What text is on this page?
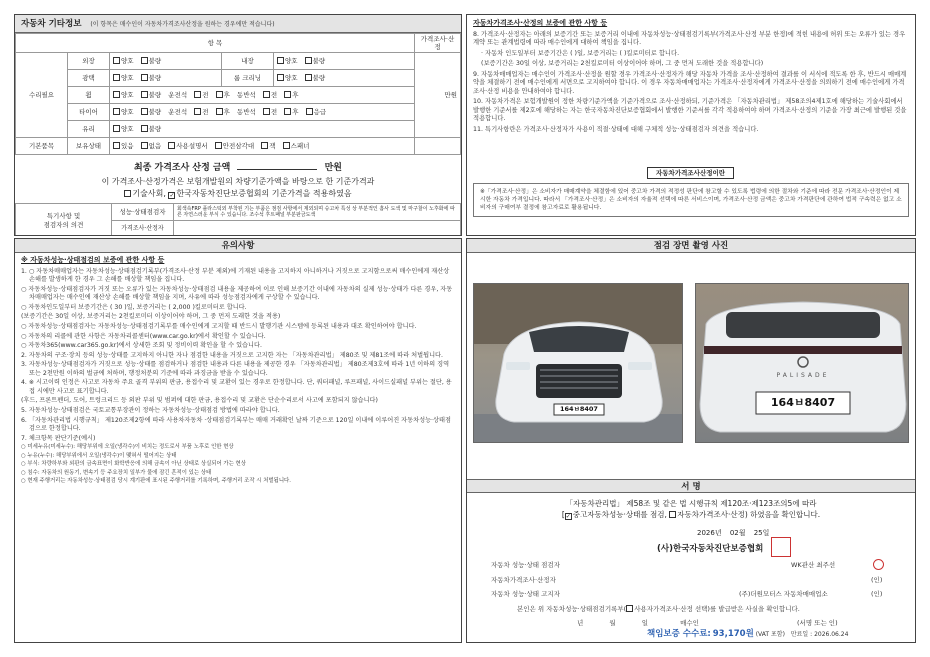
자동차 기타정보 (이 항목은 매수인이 자동차가격조사산정을 원하는 경우에만 적습니다)
항 목					가격조사·산정
수리필요	외장	양호 불량	내장	양호 불량	만원
	광택	양호 불량	룸 크리닝	양호 불량	
	휠	양호 불량 운전석 전 후 동반석 전 후			
	타이어	양호 불량 운전석 전 후 동반석 전 후 응급			
	유리	양호 불량			
기본품목	보유상태	있음 없음 사용설명서 안전삼각대 잭 스패너			
최종 가격조사 산정 금액	만원
이 가격조사·산정가격은 보험개발원의 차량기준가액을 바탕으로 한 기준가격과
기술사회, ✓ 한국자동차진단보증협회의 기준가격을 적용하였음
특기사항 및
점검자의 의견	성능·상태점검자	회색속FRP 플라스틱외 부착된 기는 부품은 점검 사항에서 제외되며 승고차 특성 상 부분적인 흠사 도색 및 마구찰이 노후화에 따른 자연스러운 부식 수 있습니다. 조수석 후트패널 부분판금도색
	가격조사·산정자	
자동차가격조사·산정의 보증에 관한 사항 등
8. 가격조사·산정자는 아래의 보증기간 또는 보증거리 이내에 자동차성능·상태점검기록부(가격조사·산정 부분 한정)에 적힌 내용에 허위 또는 오류가 있는 경우 계약 또는 관계법령에 따라 매수인에게 대하여 책임을 집니다.
· 자동차 인도일부터 보증기간은 ( )일, 보증거리는 ( )킬로미터로 합니다.
(보증기간은 30일 이상, 보증거리는 2천킬로미터 이상이어야 하며, 그 중 먼저 도래한 것을 적용합니다)
9. 자동차매매업자는 매수인이 가격조사·산정을 원할 경우 가격조사·산정자가 해당 자동차 가격을 조사·산정하여 결과를 이 서식에 적도록 한 후, 반드시 매매계약을 체결하기 전에 매수인에게 서면으로 고지하여야 합니다. 이 경우 자동차매매업자는 가격조사·산정자에게 가격조사·산정을 의뢰하기 전에 매수인에게 가격조사·산정 비용을 안내하여야 합니다.
10. 자동차가격은 보험개발원이 정한 차량기준가액을 기준가격으로 조사·산정하되, 기준가격은 「자동차관리법」 제58조의4제1호에 해당하는 기술사회에서 발행한 기준서를 제2호에 해당하는 자는 한국자동차진단보증협회에서 발행한 기준서를 각각 적용하여야 하며 가격조사·산정의 기준을 가장 최근에 발행된 것을 적용합니다.
11. 특기사항란은 가격조사·산정자가 사용이 적절·상태에 대해 구체적 성능·상태점검자 의견을 적습니다.
자동차가격조사산정이란
※「가격조사·산정」은 소비자가 매매계약을 체결함에 있어 중고차 가격의 적정성 판단에 참고할 수 있도록 법령에 의한 절차와 기준에 따라 전문 가격조사·산정인이 제시한 자동차 가격입니다. 따라서 「가격조사·산정」은 소비자의 자율적 선택에 따른 서비스이며, 가격조사·산정 금액은 중고차 가격판단에 관하여 법적 구속력은 없고 소비자의 구매여부 결정에 참고자료로 활용됩니다.
유의사항
※ 자동차성능·상태점검의 보증에 관한 사항 등
1. ○ 자동차매매업자는 자동차성능·상태점검기록부(가격조사·산정 부분 제외)에 기재된 내용을 고지하지 아니하거나 거짓으로 고지함으로써 매수인에게 재산상 손해를 발생하게 한 경우 그 손해를 배상할 책임을 집니다.
○ 자동차성능·상태점검자가 거짓 또는 오류가 있는 자동차성능·상태점검 내용을 제공하여 이로 인해 보증기간 이내에 자동차의 실제 성능·상태가 다른 경우, 자동차매매업자는 매수인에 재산상 손해를 배상할 책임을 지며, 사유에 따라 성능점검자에게 구상할 수 있습니다.
○ 자동차인도일부터 보증기간은 ( 30 )일, 보증거리는 ( 2,000 )킬로미터로 합니다.
(보증기간은 30일 이상, 보증거리는 2천킬로미터 이상이어야 하며, 그 중 먼저 도래한 것을 적용)
○ 자동차성능·상태점검자는 자동차성능·상태점검기록부를 매수인에게 고지할 때 반드시 발행기관 시스템에 등록된 내용과 대조 확인하여야 합니다.
○ 자동차의 리콜에 관한 사항은 자동차리콜센터(www.car.go.kr)에서 확인할 수 있습니다.
○ 자동차365(www.car365.go.kr)에서 상세한 조회 및 정비이력 확인을 할 수 있습니다.
2. 자동차의 구조·장치 등의 성능·상태를 고지하지 아니한 자나 점검한 내용을 거짓으로 고지한 자는 「자동차관리법」 제80조 및 제81조에 따라 처벌됩니다.
3. 자동차성능·상태점검자가 거짓으로 성능·상태를 점검하거나 점검한 내용과 다른 내용을 제공한 경우 「자동차관리법」 제80조제3호에 따라 1년 이하의 징역 또는 2천만원 이하의 벌금에 처하며, 행정처분의 기준에 따라 과징금을 받을 수 있습니다.
4. ※ 시고이력 인정은 사고로 자동차 주요 골격 부위의 판금, 용접수리 및 교환이 있는 경우로 한정합니다. 단, 쿼터패널, 루프패널, 사이드실패널 부위는 절단, 용접 시에만 사고로 표기합니다.
(후드, 프론트펜더, 도어, 트렁크리드 등 외판 부위 및 범퍼에 대한 판금, 용접수리 및 교환은 단순수리로서 사고에 포함되지 않습니다)
5. 자동차성능·상태점검은 국토교통부장관이 정하는 자동차성능·상태점검 방법에 따라야 합니다.
6. 「자동차관리법 시행규칙」 제120조제2항에 따라 사용차자동차 ·상태점검기록부는 매매 거래확인 날짜 기준으로 120일 이내에 이루어진 자동차성능·상태점검으로 한정합니다.
7. 체크항목 판단기준(예시)
○ 미세누유(미세누수): 해당부위에 오일(냉각수)이 비치는 정도로서 부품 노후로 인한 현상
○ 누유(누수): 해당부위에서 오일(냉각수)이 맺혀서 떨어지는 상태
○ 부식: 차량하부와 외판의 금속표면이 화학반응에 의해 금속이 아닌 상태로 상실되어 가는 현상
○ 침수: 자동차의 원동기, 변속기 등 주요장치 일부가 물에 잠긴 흔적이 있는 상태
○ 현재 주행거리는 자동차성능·상태점검 당시 계기판에 표시된 주행거리를 기록하며, 주행거리 조작 시 처벌됩니다.
점검 장면 촬영 사진
164ㅂ8407
PALISADE
164ㅂ8407
서 명
「자동차관리법」 제58조 및 같은 법 시행규칙 제120조·제123조의5에 따라
[✓ 중고자동차성능·상태를 점검, 자동차가격조사·산정) 하였음을 확인합니다.
2026년 02월 25일
(사)한국자동차진단보증협회
자동차 성능·상태 점검자	WK관산 최주선
자동차가격조사·산정자	(인)
자동차 성능·상태 고지자	(주)더원모터스 자동차매매업소	(인)
본인은 위 자동차성능·상태점검기록부( 사용자가격조사·산정 선택)를 발급받은 사실을 확인합니다.
년	월	일	매수인	(서명 또는 인)
책임보증 수수료: 93,170원 (VAT 포함) 만료일 : 2026.06.24
